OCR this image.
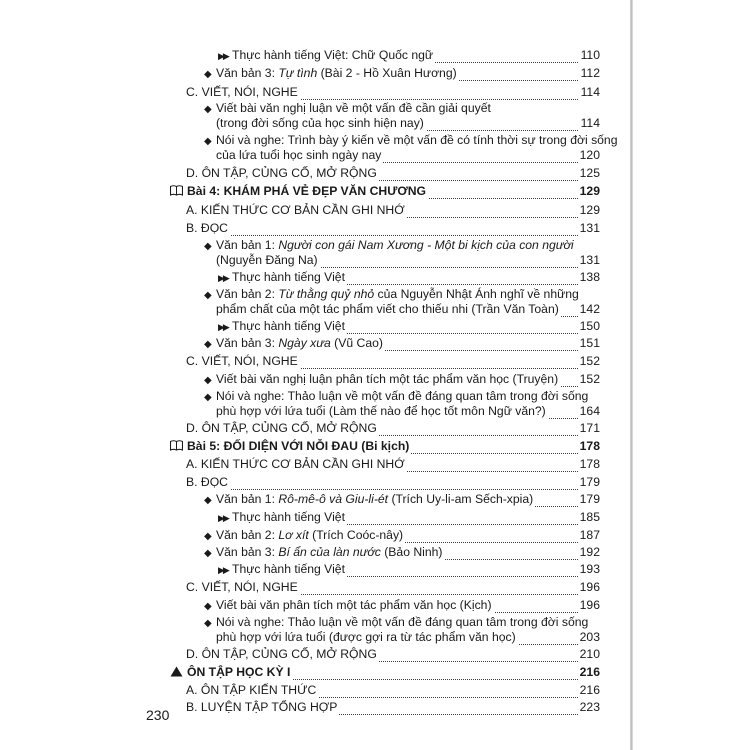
▶▶ Thực hành tiếng Việt: Chữ Quốc ngữ	110
◆ Văn bản 3: Tự tình (Bài 2 - Hồ Xuân Hương)	112
C. VIẾT, NÓI, NGHE	114
◆ Viết bài văn nghị luận về một vấn đề cần giải quyết
(trong đời sống của học sinh hiện nay)	114
◆ Nói và nghe: Trình bày ý kiến về một vấn đề có tính thời sự trong đời sống
của lứa tuổi học sinh ngày nay	120
D. ÔN TẬP, CỦNG CỐ, MỞ RỘNG	125
Bài 4: KHÁM PHÁ VẺ ĐẸP VĂN CHƯƠNG	129
A. KIẾN THỨC CƠ BẢN CẦN GHI NHỚ	129
B. ĐỌC	131
◆ Văn bản 1: Người con gái Nam Xương - Một bi kịch của con người
(Nguyễn Đăng Na)	131
▶▶ Thực hành tiếng Việt	138
◆ Văn bản 2: Từ thằng quỷ nhỏ của Nguyễn Nhật Ánh nghĩ về những
phẩm chất của một tác phẩm viết cho thiếu nhi (Trần Văn Toàn) 142
▶▶ Thực hành tiếng Việt	150
◆ Văn bản 3: Ngày xưa (Vũ Cao)	151
C. VIẾT, NÓI, NGHE	152
◆ Viết bài văn nghị luận phân tích một tác phẩm văn học (Truyện) 152
◆ Nói và nghe: Thảo luận về một vấn đề đáng quan tâm trong đời sống
phù hợp với lứa tuổi (Làm thế nào để học tốt môn Ngữ văn?)	164
D. ÔN TẬP, CỦNG CỐ, MỞ RỘNG	171
Bài 5: ĐỐI DIỆN VỚI NỖI ĐAU (Bi kịch)	178
A. KIẾN THỨC CƠ BẢN CẦN GHI NHỚ	178
B. ĐỌC	179
◆ Văn bản 1: Rô-mê-ô và Giu-li-ét (Trích Uy-li-am Sếch-xpia)	179
▶▶ Thực hành tiếng Việt	185
◆ Văn bản 2: Lơ xít (Trích Coóc-nây)	187
◆ Văn bản 3: Bí ẩn của làn nước (Bảo Ninh)	192
▶▶ Thực hành tiếng Việt	193
C. VIẾT, NÓI, NGHE	196
◆ Viết bài văn phân tích một tác phẩm văn học (Kịch)	196
◆ Nói và nghe: Thảo luận về một vấn đề đáng quan tâm trong đời sống
phù hợp với lứa tuổi (được gợi ra từ tác phẩm văn học)	203
D. ÔN TẬP, CỦNG CỐ, MỞ RỘNG	210
ÔN TẬP HỌC KỲ I	216
A. ÔN TẬP KIẾN THỨC	216
B. LUYỆN TẬP TỔNG HỢP	223
230
